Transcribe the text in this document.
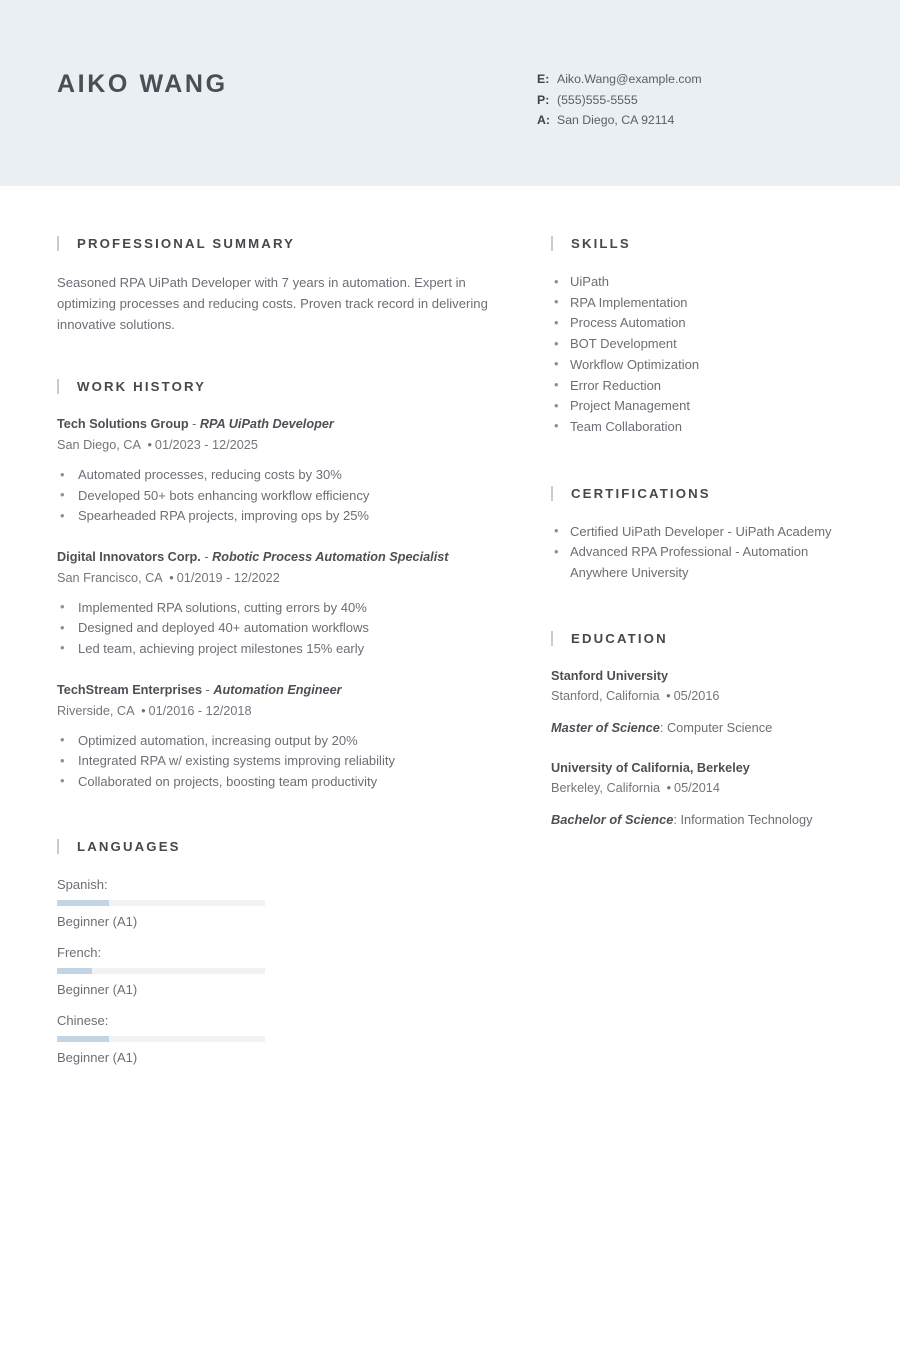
AIKO WANG	E: Aiko.Wang@example.com
P: (555)555-5555
A: San Diego, CA 92114
PROFESSIONAL SUMMARY
Seasoned RPA UiPath Developer with 7 years in automation. Expert in optimizing processes and reducing costs. Proven track record in delivering innovative solutions.
WORK HISTORY
Tech Solutions Group - RPA UiPath Developer
San Diego, CA • 01/2023 - 12/2025
• Automated processes, reducing costs by 30%
• Developed 50+ bots enhancing workflow efficiency
• Spearheaded RPA projects, improving ops by 25%
Digital Innovators Corp. - Robotic Process Automation Specialist
San Francisco, CA • 01/2019 - 12/2022
• Implemented RPA solutions, cutting errors by 40%
• Designed and deployed 40+ automation workflows
• Led team, achieving project milestones 15% early
TechStream Enterprises - Automation Engineer
Riverside, CA • 01/2016 - 12/2018
• Optimized automation, increasing output by 20%
• Integrated RPA w/ existing systems improving reliability
• Collaborated on projects, boosting team productivity
LANGUAGES
Spanish:
Beginner (A1)
French:
Beginner (A1)
Chinese:
Beginner (A1)
SKILLS
• UiPath
• RPA Implementation
• Process Automation
• BOT Development
• Workflow Optimization
• Error Reduction
• Project Management
• Team Collaboration
CERTIFICATIONS
• Certified UiPath Developer - UiPath Academy
• Advanced RPA Professional - Automation Anywhere University
EDUCATION
Stanford University
Stanford, California • 05/2016
Master of Science: Computer Science
University of California, Berkeley
Berkeley, California • 05/2014
Bachelor of Science: Information Technology
